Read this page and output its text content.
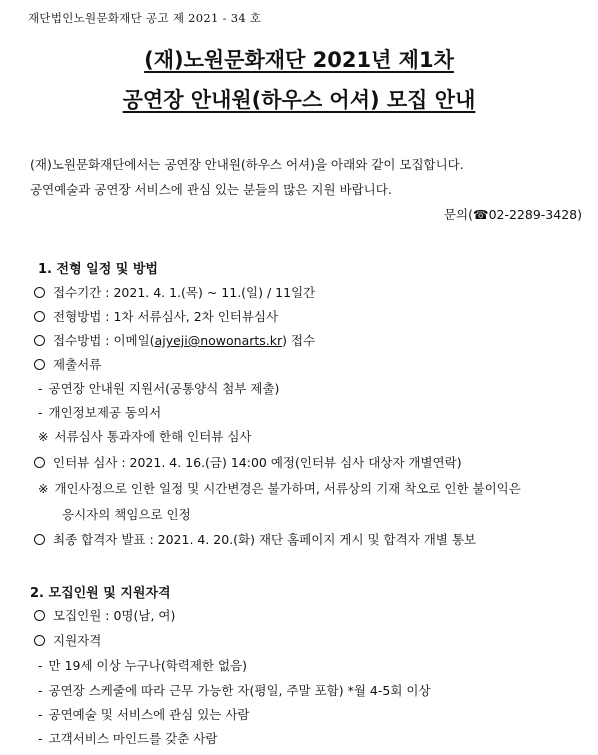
재단법인노원문화재단 공고 제 2021 - 34 호
(재)노원문화재단 2021년 제1차
공연장 안내원(하우스 어셔) 모집 안내
(재)노원문화재단에서는 공연장 안내원(하우스 어셔)을 아래와 같이 모집합니다.
공연예술과 공연장 서비스에 관심 있는 분들의 많은 지원 바랍니다.
문의(☎02-2289-3428)
1. 전형 일정 및 방법
접수기간 : 2021. 4. 1.(목) ~ 11.(일) / 11일간
전형방법 : 1차 서류심사, 2차 인터뷰심사
접수방법 : 이메일(ajyeji@nowonarts.kr) 접수
제출서류
- 공연장 안내원 지원서(공통양식 첨부 제출)
- 개인정보제공 동의서
※ 서류심사 통과자에 한해 인터뷰 심사
인터뷰 심사 : 2021. 4. 16.(금) 14:00 예정(인터뷰 심사 대상자 개별연락)
※ 개인사정으로 인한 일정 및 시간변경은 불가하며, 서류상의 기재 착오로 인한 불이익은
응시자의 책임으로 인정
최종 합격자 발표 : 2021. 4. 20.(화) 재단 홈페이지 게시 및 합격자 개별 통보
2. 모집인원 및 지원자격
모집인원 : 0명(남, 여)
지원자격
- 만 19세 이상 누구나(학력제한 없음)
- 공연장 스케줄에 따라 근무 가능한 자(평일, 주말 포함) *월 4-5회 이상
- 공연예술 및 서비스에 관심 있는 사람
- 고객서비스 마인드를 갖춘 사람
